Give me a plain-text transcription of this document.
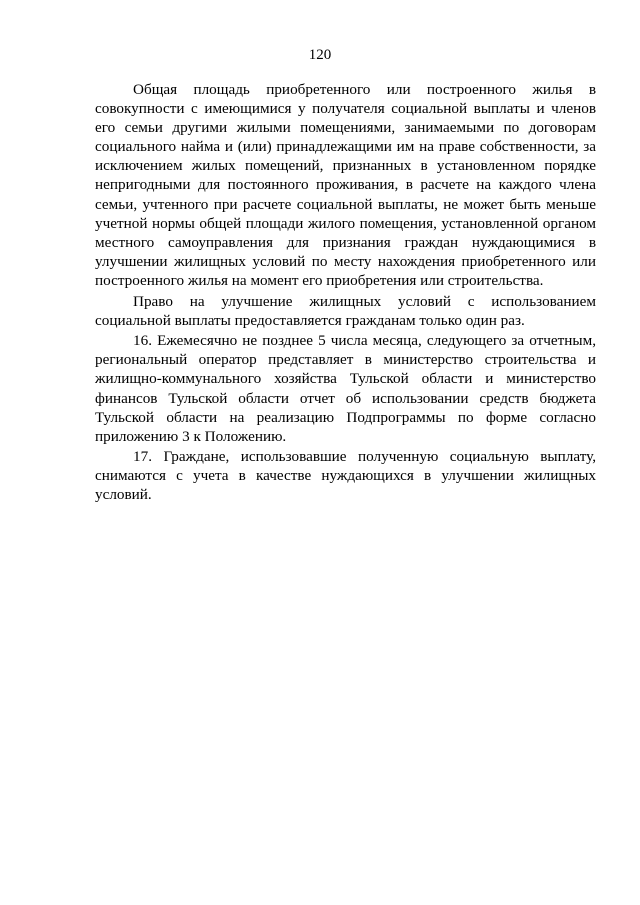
120

Общая площадь приобретенного или построенного жилья в совокупности с имеющимися у получателя социальной выплаты и членов его семьи другими жилыми помещениями, занимаемыми по договорам социального найма и (или) принадлежащими им на праве собственности, за исключением жилых помещений, признанных в установленном порядке непригодными для постоянного проживания, в расчете на каждого члена семьи, учтенного при расчете социальной выплаты, не может быть меньше учетной нормы общей площади жилого помещения, установленной органом местного самоуправления для признания граждан нуждающимися в улучшении жилищных условий по месту нахождения приобретенного или построенного жилья на момент его приобретения или строительства.

Право на улучшение жилищных условий с использованием социальной выплаты предоставляется гражданам только один раз.

16. Ежемесячно не позднее 5 числа месяца, следующего за отчетным, региональный оператор представляет в министерство строительства и жилищно-коммунального хозяйства Тульской области и министерство финансов Тульской области отчет об использовании средств бюджета Тульской области на реализацию Подпрограммы по форме согласно приложению 3 к Положению.

17. Граждане, использовавшие полученную социальную выплату, снимаются с учета в качестве нуждающихся в улучшении жилищных условий.
